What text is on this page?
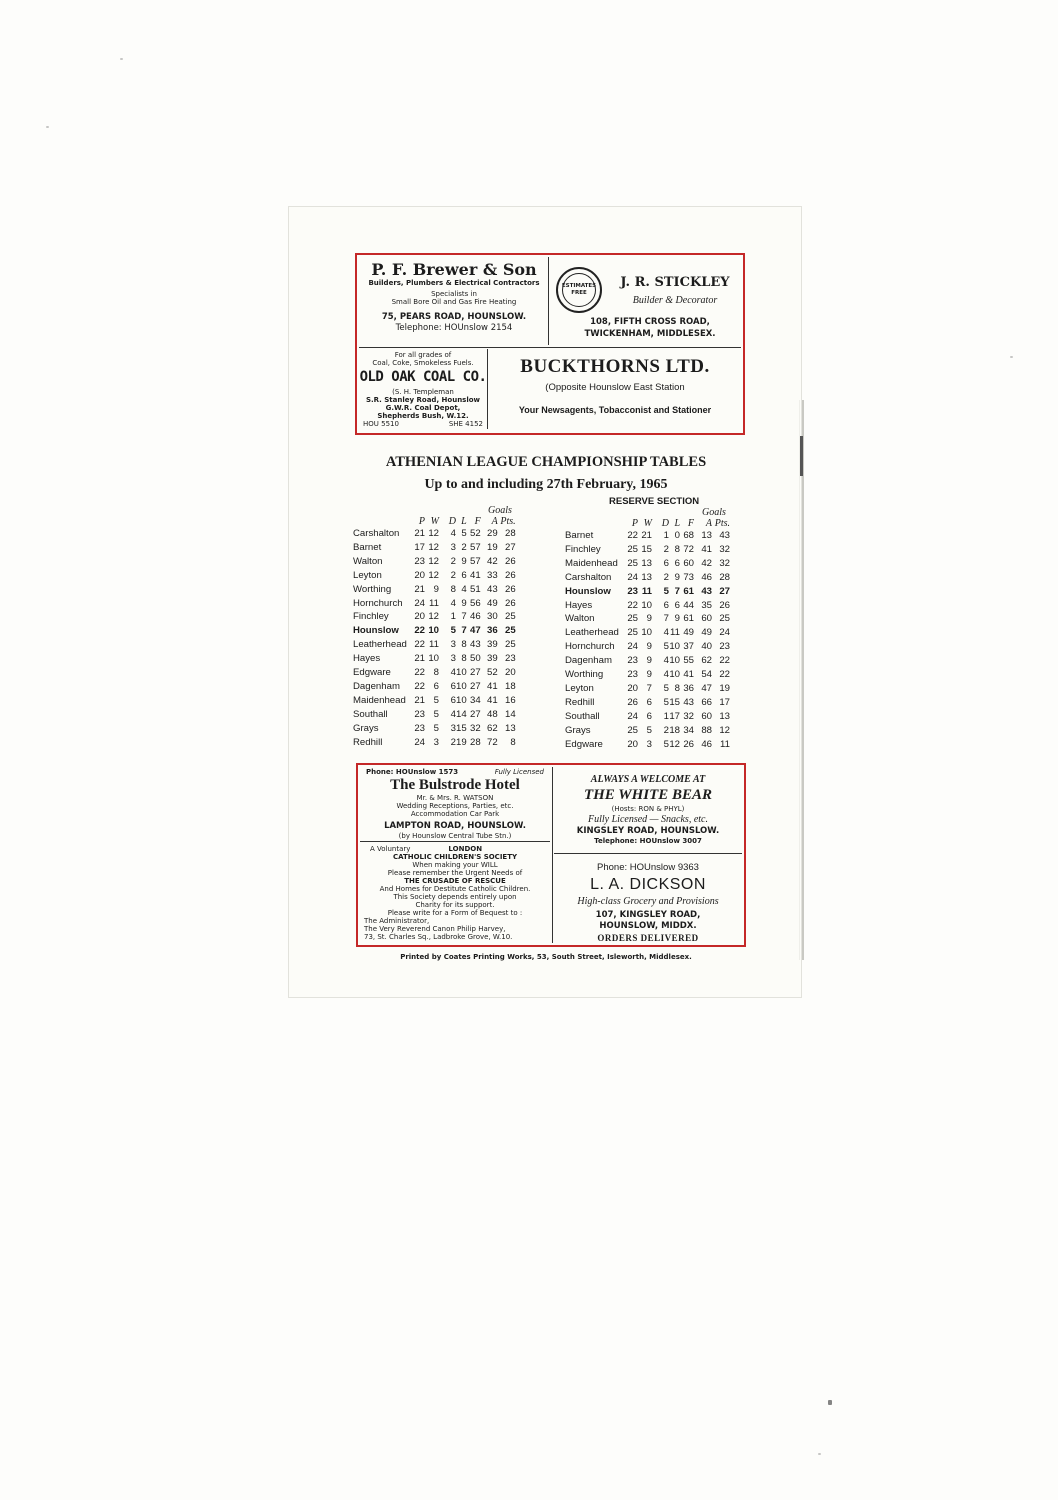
P. F. Brewer & Son
Builders, Plumbers & Electrical Contractors
Specialists in
Small Bore Oil and Gas Fire Heating
75, PEARS ROAD, HOUNSLOW.
Telephone: HOUnslow 2154
ESTIMATES
FREE
J. R. STICKLEY
Builder & Decorator
108, FIFTH CROSS ROAD,
TWICKENHAM, MIDDLESEX.
For all grades of
Coal, Coke, Smokeless Fuels.
OLD OAK COAL CO.
(S. H. Templeman
S.R. Stanley Road, Hounslow
G.W.R. Coal Depot,
Shepherds Bush, W.12.
HOU 5510	SHE 4152
BUCKTHORNS LTD.
(Opposite Hounslow East Station
Your Newsagents, Tobacconist and Stationer
ATHENIAN LEAGUE CHAMPIONSHIP TABLES
Up to and including 27th February, 1965
RESERVE SECTION
Goals	Goals
	P	W	D	L	F	A	Pts.
Carshalton	21	12	4	5	52	29	28
Barnet	17	12	3	2	57	19	27
Walton	23	12	2	9	57	42	26
Leyton	20	12	2	6	41	33	26
Worthing	21	9	8	4	51	43	26
Hornchurch	24	11	4	9	56	49	26
Finchley	20	12	1	7	46	30	25
Hounslow	22	10	5	7	47	36	25
Leatherhead	22	11	3	8	43	39	25
Hayes	21	10	3	8	50	39	23
Edgware	22	8	4	10	27	52	20
Dagenham	22	6	6	10	27	41	18
Maidenhead	21	5	6	10	34	41	16
Southall	23	5	4	14	27	48	14
Grays	23	5	3	15	32	62	13
Redhill	24	3	2	19	28	72	8
	P	W	D	L	F	A	Pts.
Barnet	22	21	1	0	68	13	43
Finchley	25	15	2	8	72	41	32
Maidenhead	25	13	6	6	60	42	32
Carshalton	24	13	2	9	73	46	28
Hounslow	23	11	5	7	61	43	27
Hayes	22	10	6	6	44	35	26
Walton	25	9	7	9	61	60	25
Leatherhead	25	10	4	11	49	49	24
Hornchurch	24	9	5	10	37	40	23
Dagenham	23	9	4	10	55	62	22
Worthing	23	9	4	10	41	54	22
Leyton	20	7	5	8	36	47	19
Redhill	26	6	5	15	43	66	17
Southall	24	6	1	17	32	60	13
Grays	25	5	2	18	34	88	12
Edgware	20	3	5	12	26	46	11
Phone: HOUnslow 1573	Fully Licensed
The Bulstrode Hotel
Mr. & Mrs. R. WATSON
Wedding Receptions, Parties, etc.
Accommodation Car Park
LAMPTON ROAD, HOUNSLOW.
(by Hounslow Central Tube Stn.)
A Voluntary	LONDON
CATHOLIC CHILDREN'S SOCIETY
When making your WILL
Please remember the Urgent Needs of
THE CRUSADE OF RESCUE
And Homes for Destitute Catholic Children.
This Society depends entirely upon
Charity for its support.
Please write for a Form of Bequest to :
The Administrator,
The Very Reverend Canon Philip Harvey,
73, St. Charles Sq., Ladbroke Grove, W.10.
ALWAYS A WELCOME AT
THE WHITE BEAR
(Hosts: RON & PHYL)
Fully Licensed — Snacks, etc.
KINGSLEY ROAD, HOUNSLOW.
Telephone: HOUnslow 3007
Phone: HOUnslow 9363
L. A. DICKSON
High-class Grocery and Provisions
107, KINGSLEY ROAD,
HOUNSLOW, MIDDX.
ORDERS DELIVERED
Printed by Coates Printing Works, 53, South Street, Isleworth, Middlesex.
